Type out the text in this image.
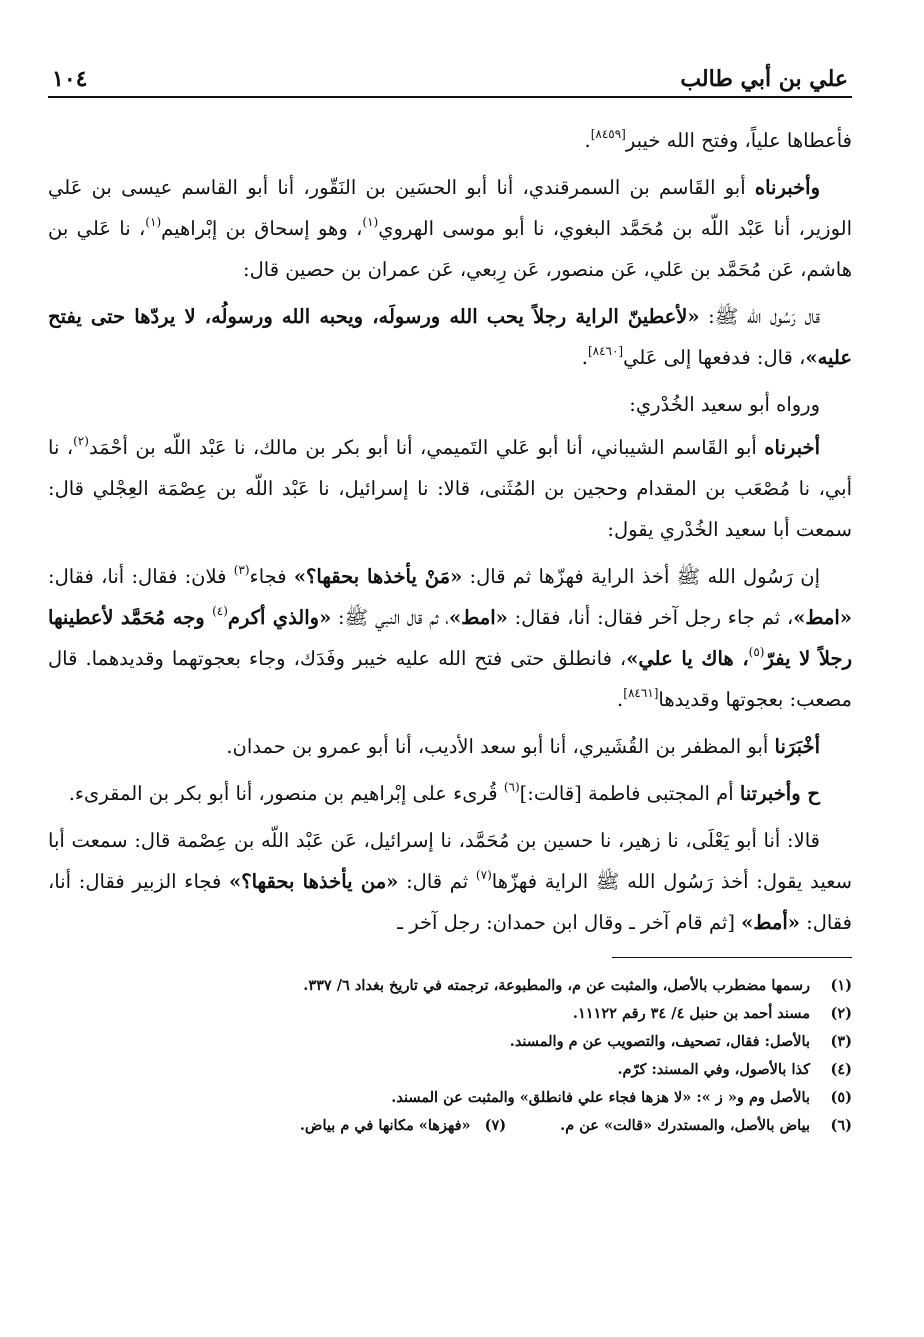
علي بن أبي طالب
١٠٤

فأعطاها علياً، وفتح الله خيبر[٨٤٥٩].

وأخبرناه أبو القَاسم بن السمرقندي، أنا أبو الحسَين بن النَقّور، أنا أبو القاسم عيسى بن عَلي الوزير، أنا عَبْد اللّه بن مُحَمَّد البغوي، نا أبو موسى الهروي$^{(١)}$، وهو إسحاق بن إبْراهيم$^{(١)}$، نا عَلي بن هاشم، عَن مُحَمَّد بن عَلي، عَن منصور، عَن رِبعي، عَن عمران بن حصين قال:

قال رَسُول الله ﷺ: «لأعطينّ الراية رجلاً يحب الله ورسولَه، ويحبه الله ورسولُه، لا يردّها حتى يفتح عليه»، قال: فدفعها إلى عَلي[٨٤٦٠].

ورواه أبو سعيد الخُدْري:

أخبرناه أبو القَاسم الشيباني، أنا أبو عَلي التَميمي، أنا أبو بكر بن مالك، نا عَبْد اللّه بن أحْمَد$^{(٢)}$، نا أبي، نا مُصْعَب بن المقدام وحجين بن المُثَنى، قالا: نا إسرائيل، نا عَبْد اللّه بن عِصْمَة العِجْلي قال: سمعت أبا سعيد الخُدْري يقول:

إن رَسُول الله ﷺ أخذ الراية فهزّها ثم قال: «مَنْ يأخذها بحقها؟» فجاء$^{(٣)}$ فلان: فقال: أنا، فقال: «امط»، ثم جاء رجل آخر فقال: أنا، فقال: «امط»، ثم قال النبي ﷺ: «والذي أكرم$^{(٤)}$ وجه مُحَمَّد لأعطينها رجلاً لا يفرّ$^{(٥)}$، هاك يا علي»، فانطلق حتى فتح الله عليه خيبر وفَدَك، وجاء بعجوتهما وقديدهما. قال مصعب: بعجوتها وقديدها[٨٤٦١].

أخْبَرَنا أبو المظفر بن القُشَيري، أنا أبو سعد الأديب، أنا أبو عمرو بن حمدان.

ح وأخبرتنا أم المجتبى فاطمة [قالت:]$^{(٦)}$ قُرىء على إبْراهيم بن منصور، أنا أبو بكر بن المقرىء.

قالا: أنا أبو يَعْلَى، نا زهير، نا حسين بن مُحَمَّد، نا إسرائيل، عَن عَبْد اللّه بن عِصْمة قال: سمعت أبا سعيد يقول: أخذ رَسُول الله ﷺ الراية فهزّها$^{(٧)}$ ثم قال: «من يأخذها بحقها؟» فجاء الزبير فقال: أنا، فقال: «أمط» [ثم قام آخر ـ وقال ابن حمدان: رجل آخر ـ

(١)
رسمها مضطرب بالأصل، والمثبت عن م، والمطبوعة، ترجمته في تاريخ بغداد ٦/ ٣٣٧.
(٢)
مسند أحمد بن حنبل ٤/ ٣٤ رقم ١١١٢٢.
(٣)
بالأصل: فقال، تصحيف، والتصويب عن م والمسند.
(٤)
كذا بالأصول، وفي المسند: كرّم.
(٥)
بالأصل وم و« ز »: «لا هزها فجاء علي فانطلق» والمثبت عن المسند.
(٦)
بياض بالأصل، والمستدرك «قالت» عن م.
(٧)
«فهزها» مكانها في م بياض.
